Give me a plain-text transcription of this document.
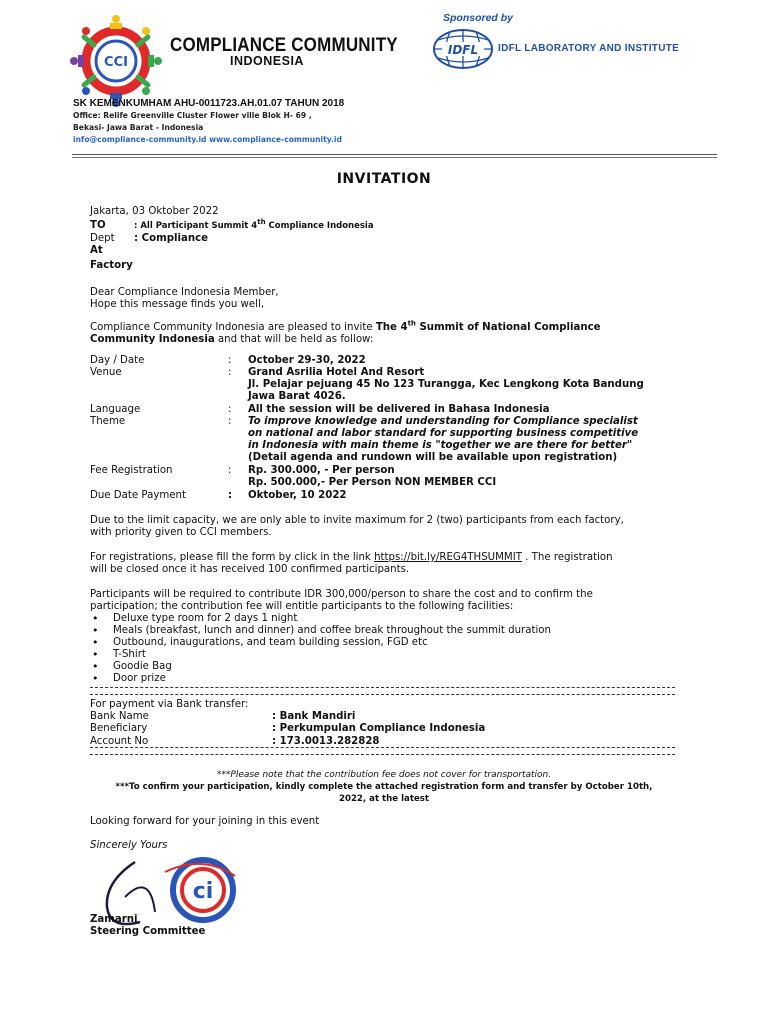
CCI
COMPLIANCE COMMUNITY
INDONESIA
Sponsored by
IDFL IDFL LABORATORY AND INSTITUTE
SK KEMENKUMHAM AHU-0011723.AH.01.07 TAHUN 2018
Office: Relife Greenville Cluster Flower ville Blok H- 69 ,
Bekasi- Jawa Barat - Indonesia
info@compliance-community.id www.compliance-community.id
INVITATION
Jakarta, 03 Oktober 2022
TO	: All Participant Summit 4th Compliance Indonesia
Dept : Compliance
At
Factory
Dear Compliance Indonesia Member,
Hope this message finds you well,
Compliance Community Indonesia are pleased to invite The 4th Summit of National Compliance
Community Indonesia and that will be held as follow:
Day / Date	: October 29-30, 2022
Venue	: Grand Asrilia Hotel And Resort
Jl. Pelajar pejuang 45 No 123 Turangga, Kec Lengkong Kota Bandung
Jawa Barat 4026.
Language	: All the session will be delivered in Bahasa Indonesia
Theme	: To improve knowledge and understanding for Compliance specialist
on national and labor standard for supporting business competitive
in Indonesia with main theme is "together we are there for better"
(Detail agenda and rundown will be available upon registration)
Fee Registration	: Rp. 300.000, - Per person
Rp. 500.000,- Per Person NON MEMBER CCI
Due Date Payment	: Oktober, 10 2022
Due to the limit capacity, we are only able to invite maximum for 2 (two) participants from each factory,
with priority given to CCI members.
For registrations, please fill the form by click in the link https://bit.ly/REG4THSUMMIT . The registration
will be closed once it has received 100 confirmed participants.
Participants will be required to contribute IDR 300,000/person to share the cost and to confirm the
participation; the contribution fee will entitle participants to the following facilities:
• Deluxe type room for 2 days 1 night
• Meals (breakfast, lunch and dinner) and coffee break throughout the summit duration
• Outbound, inaugurations, and team building session, FGD etc
• T-Shirt
• Goodie Bag
• Door prize
For payment via Bank transfer:
Bank Name	: Bank Mandiri
Beneficiary	: Perkumpulan Compliance Indonesia
Account No	: 173.0013.282828
***Please note that the contribution fee does not cover for transportation.
***To confirm your participation, kindly complete the attached registration form and transfer by October 10th,
2022, at the latest
Looking forward for your joining in this event
Sincerely Yours
ci
Zamarni
Steering Committee
